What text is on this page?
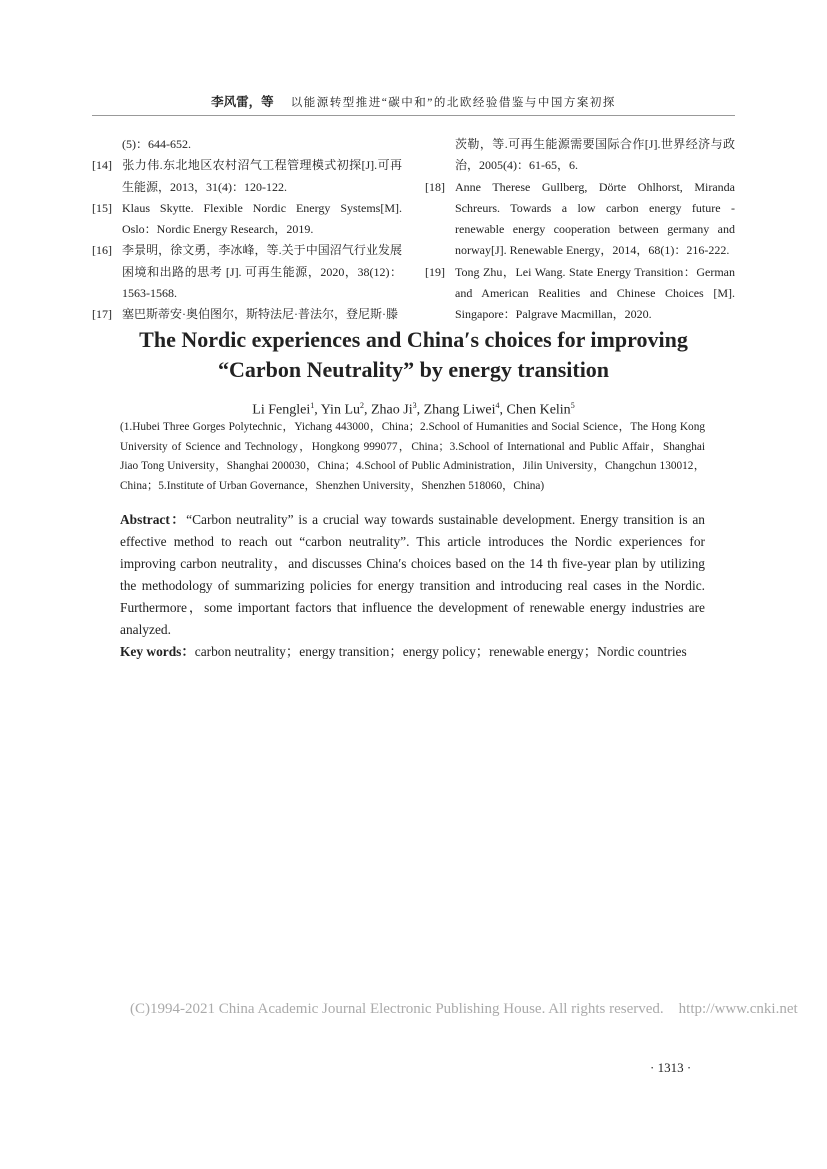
李风雷，等 以能源转型推进“碳中和”的北欧经验借鉴与中国方案初探
(5)：644-652.
[14] 张力伟.东北地区农村沼气工程管理模式初探[J].可再生能源，2013，31(4)：120-122.
[15] Klaus Skytte. Flexible Nordic Energy Systems[M]. Oslo：Nordic Energy Research，2019.
[16] 李景明，徐文勇，李冰峰，等.关于中国沼气行业发展困境和出路的思考 [J]. 可再生能源，2020，38(12)：1563-1568.
[17] 塞巴斯蒂安·奥伯图尔，斯特法尼·普法尔，登尼斯·滕
茨勒，等.可再生能源需要国际合作[J].世界经济与政治，2005(4)：61-65，6.
[18] Anne Therese Gullberg, Dörte Ohlhorst, Miranda Schreurs. Towards a low carbon energy future - renewable energy cooperation between germany and norway[J]. Renewable Energy，2014，68(1)：216-222.
[19] Tong Zhu，Lei Wang. State Energy Transition：German and American Realities and Chinese Choices [M]. Singapore：Palgrave Macmillan，2020.
The Nordic experiences and China′s choices for improving
“Carbon Neutrality” by energy transition
Li Fenglei$^1$, Yin Lu$^2$, Zhao Ji$^3$, Zhang Liwei$^4$, Chen Kelin$^5$
(1.Hubei Three Gorges Polytechnic，Yichang 443000，China；2.School of Humanities and Social Science，The Hong Kong University of Science and Technology，Hongkong 999077，China；3.School of International and Public Affair，Shanghai Jiao Tong University，Shanghai 200030，China；4.School of Public Administration，Jilin University，Changchun 130012，China；5.Institute of Urban Governance，Shenzhen University，Shenzhen 518060，China)
Abstract：“Carbon neutrality” is a crucial way towards sustainable development. Energy transition is an effective method to reach out “carbon neutrality”. This article introduces the Nordic experiences for improving carbon neutrality，and discusses China′s choices based on the 14 th five-year plan by utilizing the methodology of summarizing policies for energy transition and introducing real cases in the Nordic. Furthermore，some important factors that influence the development of renewable energy industries are analyzed.
Key words：carbon neutrality；energy transition；energy policy；renewable energy；Nordic countries
(C)1994-2021 China Academic Journal Electronic Publishing House. All rights reserved.    http://www.cnki.net
· 1313 ·
